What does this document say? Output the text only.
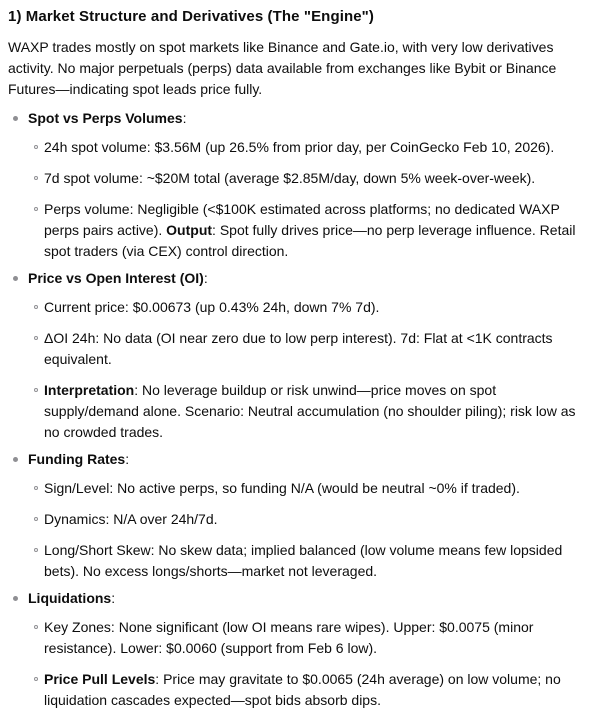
1) Market Structure and Derivatives (The "Engine")

WAXP trades mostly on spot markets like Binance and Gate.io, with very low derivatives activity. No major perpetuals (perps) data available from exchanges like Bybit or Binance Futures—indicating spot leads price fully.

Spot vs Perps Volumes:
24h spot volume: $3.56M (up 26.5% from prior day, per CoinGecko Feb 10, 2026).
7d spot volume: ~$20M total (average $2.85M/day, down 5% week-over-week).
Perps volume: Negligible (<$100K estimated across platforms; no dedicated WAXP perps pairs active). Output: Spot fully drives price—no perp leverage influence. Retail spot traders (via CEX) control direction.
Price vs Open Interest (OI):
Current price: $0.00673 (up 0.43% 24h, down 7% 7d).
ΔOI 24h: No data (OI near zero due to low perp interest). 7d: Flat at <1K contracts equivalent.
Interpretation: No leverage buildup or risk unwind—price moves on spot supply/demand alone. Scenario: Neutral accumulation (no shoulder piling); risk low as no crowded trades.
Funding Rates:
Sign/Level: No active perps, so funding N/A (would be neutral ~0% if traded).
Dynamics: N/A over 24h/7d.
Long/Short Skew: No skew data; implied balanced (low volume means few lopsided bets). No excess longs/shorts—market not leveraged.
Liquidations:
Key Zones: None significant (low OI means rare wipes). Upper: $0.0075 (minor resistance). Lower: $0.0060 (support from Feb 6 low).
Price Pull Levels: Price may gravitate to $0.0065 (24h average) on low volume; no liquidation cascades expected—spot bids absorb dips.
